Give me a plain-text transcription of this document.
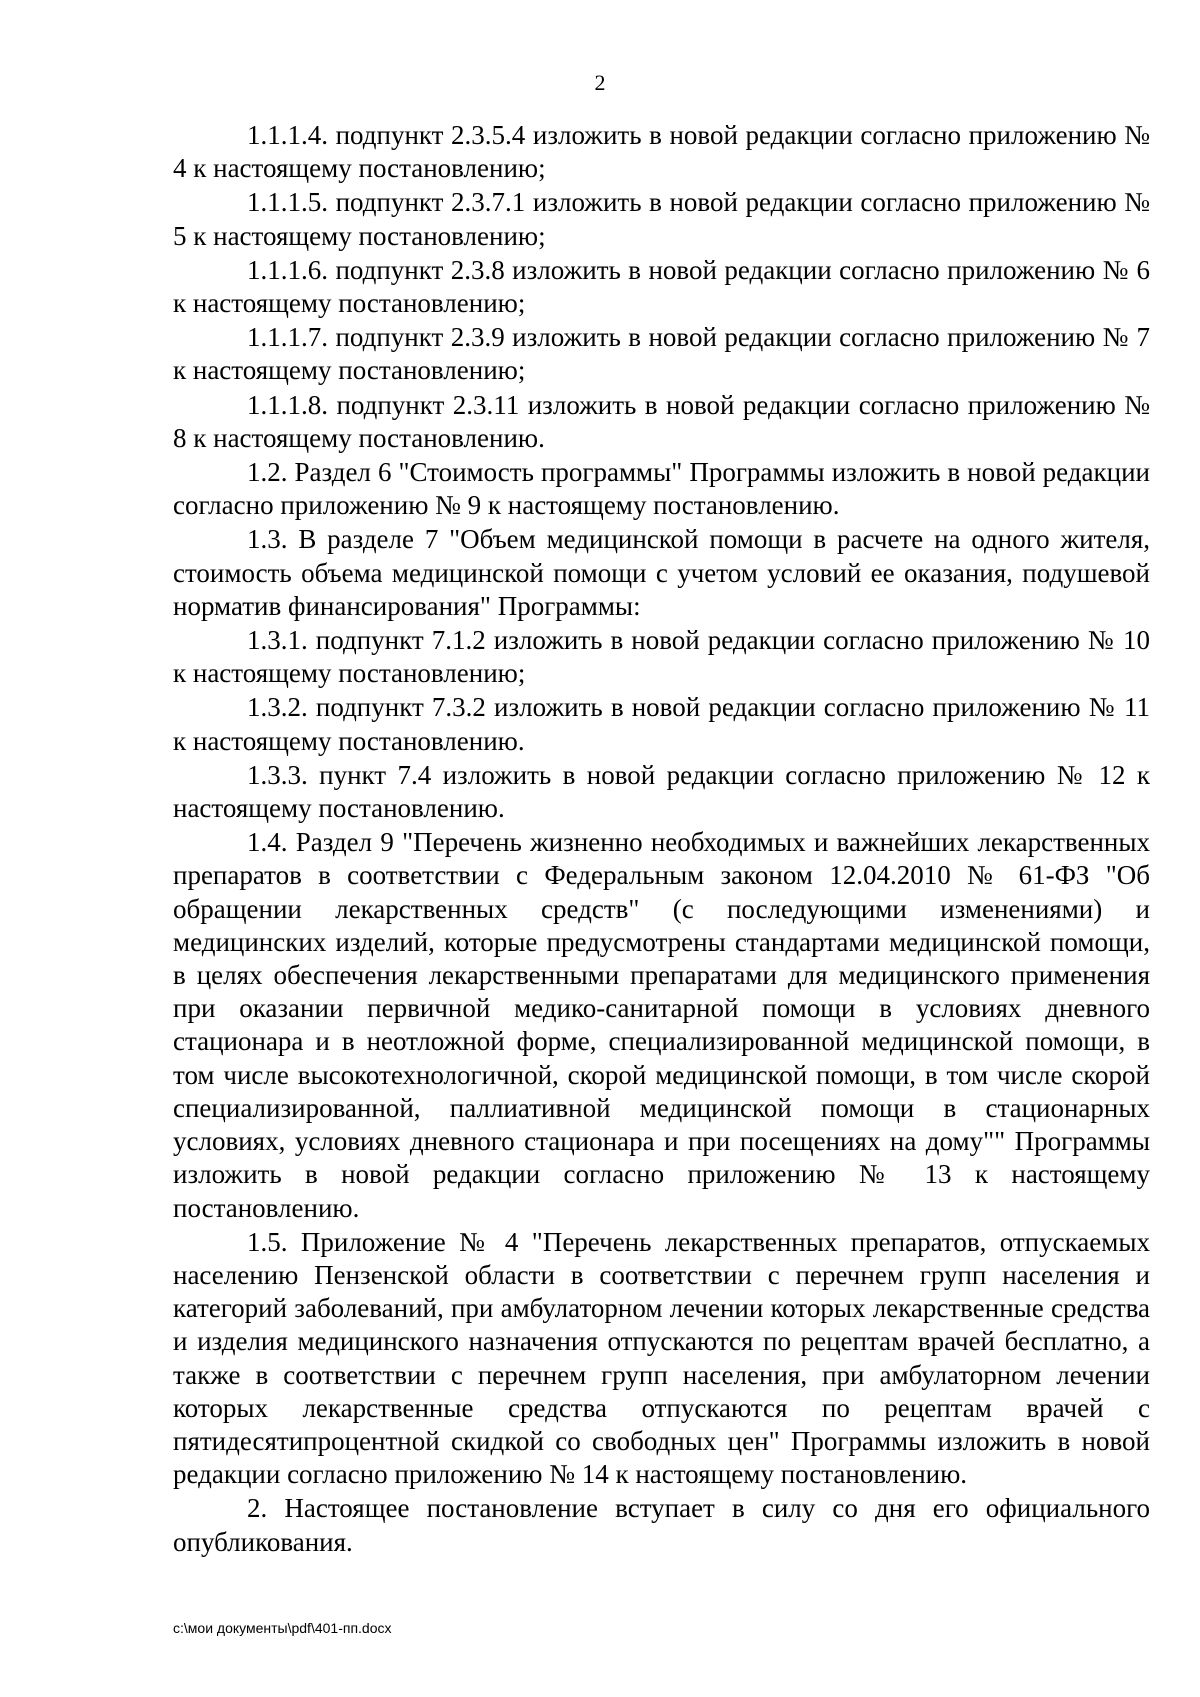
2

1.1.1.4. подпункт 2.3.5.4 изложить в новой редакции согласно приложению № 4 к настоящему постановлению;

1.1.1.5. подпункт 2.3.7.1 изложить в новой редакции согласно приложению № 5 к настоящему постановлению;

1.1.1.6. подпункт 2.3.8 изложить в новой редакции согласно приложению № 6 к настоящему постановлению;

1.1.1.7. подпункт 2.3.9 изложить в новой редакции согласно приложению № 7 к настоящему постановлению;

1.1.1.8. подпункт 2.3.11 изложить в новой редакции согласно приложению № 8 к настоящему постановлению.

1.2. Раздел 6 "Стоимость программы" Программы изложить в новой редакции согласно приложению № 9 к настоящему постановлению.

1.3. В разделе 7 "Объем медицинской помощи в расчете на одного жителя, стоимость объема медицинской помощи с учетом условий ее оказания, подушевой норматив финансирования" Программы:

1.3.1. подпункт 7.1.2 изложить в новой редакции согласно приложению № 10 к настоящему постановлению;

1.3.2. подпункт 7.3.2 изложить в новой редакции согласно приложению № 11 к настоящему постановлению.

1.3.3. пункт 7.4 изложить в новой редакции согласно приложению № 12 к настоящему постановлению.

1.4. Раздел 9 "Перечень жизненно необходимых и важнейших лекарственных препаратов в соответствии с Федеральным законом 12.04.2010 № 61-ФЗ "Об обращении лекарственных средств" (с последующими изменениями) и медицинских изделий, которые предусмотрены стандартами медицинской помощи, в целях обеспечения лекарственными препаратами для медицинского применения при оказании первичной медико-санитарной помощи в условиях дневного стационара и в неотложной форме, специализированной медицинской помощи, в том числе высокотехнологичной, скорой медицинской помощи, в том числе скорой специализированной, паллиативной медицинской помощи в стационарных условиях, условиях дневного стационара и при посещениях на дому"" Программы изложить в новой редакции согласно приложению № 13 к настоящему постановлению.

1.5. Приложение № 4 "Перечень лекарственных препаратов, отпускаемых населению Пензенской области в соответствии с перечнем групп населения и категорий заболеваний, при амбулаторном лечении которых лекарственные средства и изделия медицинского назначения отпускаются по рецептам врачей бесплатно, а также в соответствии с перечнем групп населения, при амбулаторном лечении которых лекарственные средства отпускаются по рецептам врачей с пятидесятипроцентной скидкой со свободных цен" Программы изложить в новой редакции согласно приложению № 14 к настоящему постановлению.

2. Настоящее постановление вступает в силу со дня его официального опубликования.

c:\мои документы\pdf\401-пп.docx
